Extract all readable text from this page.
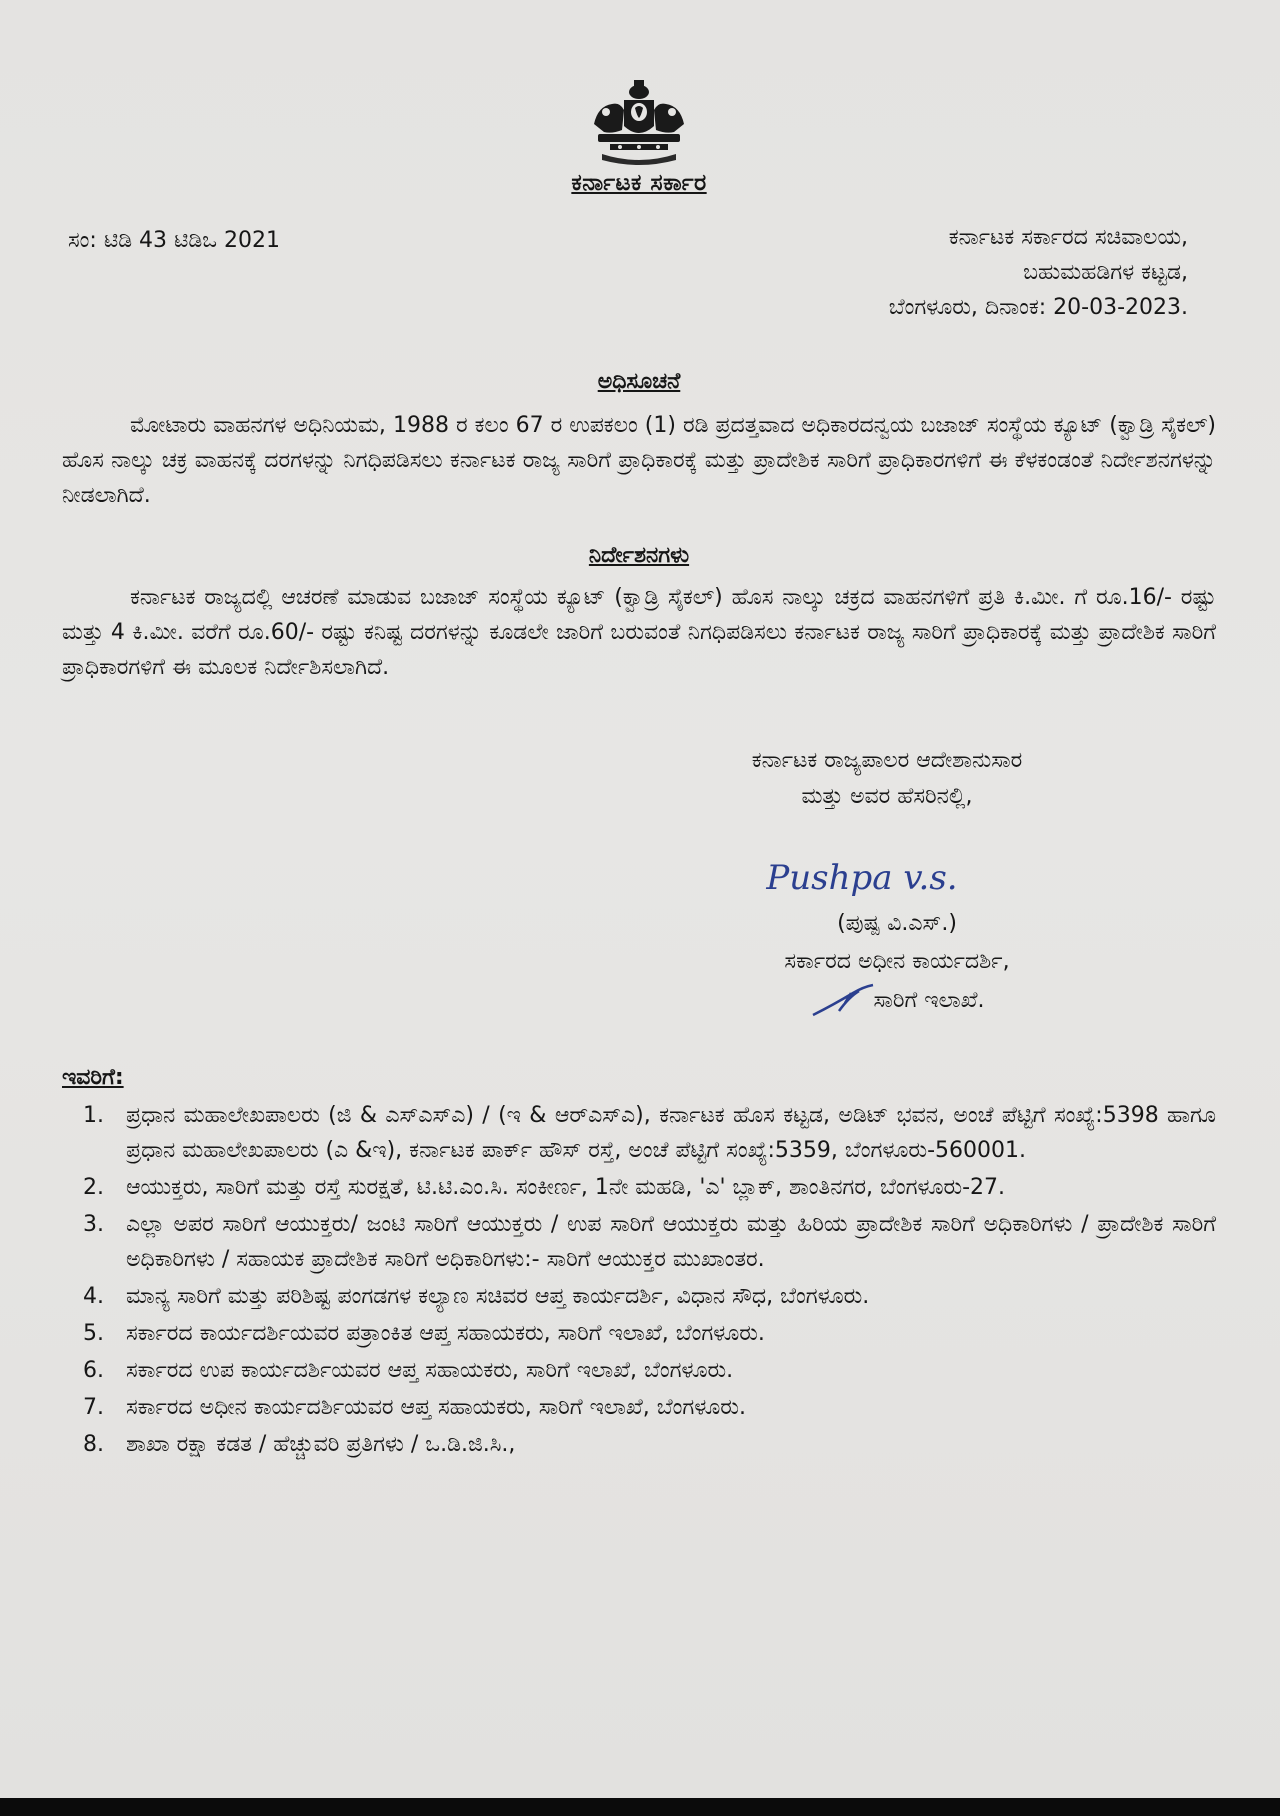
ಕರ್ನಾಟಕ ಸರ್ಕಾರ
ಸಂ: ಟಿಡಿ 43 ಟಿಡಿಒ 2021	ಕರ್ನಾಟಕ ಸರ್ಕಾರದ ಸಚಿವಾಲಯ,
ಬಹುಮಹಡಿಗಳ ಕಟ್ಟಡ,
ಬೆಂಗಳೂರು, ದಿನಾಂಕ: 20-03-2023.
ಅಧಿಸೂಚನೆ

ಮೋಟಾರು ವಾಹನಗಳ ಅಧಿನಿಯಮ, 1988 ರ ಕಲಂ 67 ರ ಉಪಕಲಂ (1) ರಡಿ ಪ್ರದತ್ತವಾದ ಅಧಿಕಾರದನ್ವಯ ಬಜಾಜ್ ಸಂಸ್ಥೆಯ ಕ್ಯೂಟ್ (ಕ್ವಾಡ್ರಿ ಸೈಕಲ್) ಹೊಸ ನಾಲ್ಕು ಚಕ್ರ ವಾಹನಕ್ಕೆ ದರಗಳನ್ನು ನಿಗಧಿಪಡಿಸಲು ಕರ್ನಾಟಕ ರಾಜ್ಯ ಸಾರಿಗೆ ಪ್ರಾಧಿಕಾರಕ್ಕೆ ಮತ್ತು ಪ್ರಾದೇಶಿಕ ಸಾರಿಗೆ ಪ್ರಾಧಿಕಾರಗಳಿಗೆ ಈ ಕೆಳಕಂಡಂತೆ ನಿರ್ದೇಶನಗಳನ್ನು ನೀಡಲಾಗಿದೆ.

ನಿರ್ದೇಶನಗಳು

ಕರ್ನಾಟಕ ರಾಜ್ಯದಲ್ಲಿ ಆಚರಣೆ ಮಾಡುವ ಬಜಾಜ್ ಸಂಸ್ಥೆಯ ಕ್ಯೂಟ್ (ಕ್ವಾಡ್ರಿ ಸೈಕಲ್) ಹೊಸ ನಾಲ್ಕು ಚಕ್ರದ ವಾಹನಗಳಿಗೆ ಪ್ರತಿ ಕಿ.ಮೀ. ಗೆ ರೂ.16/- ರಷ್ಟು ಮತ್ತು 4 ಕಿ.ಮೀ. ವರೆಗೆ ರೂ.60/- ರಷ್ಟು ಕನಿಷ್ಟ ದರಗಳನ್ನು ಕೂಡಲೇ ಜಾರಿಗೆ ಬರುವಂತೆ ನಿಗಧಿಪಡಿಸಲು ಕರ್ನಾಟಕ ರಾಜ್ಯ ಸಾರಿಗೆ ಪ್ರಾಧಿಕಾರಕ್ಕೆ ಮತ್ತು ಪ್ರಾದೇಶಿಕ ಸಾರಿಗೆ ಪ್ರಾಧಿಕಾರಗಳಿಗೆ ಈ ಮೂಲಕ ನಿರ್ದೇಶಿಸಲಾಗಿದೆ.

ಕರ್ನಾಟಕ ರಾಜ್ಯಪಾಲರ ಆದೇಶಾನುಸಾರ
ಮತ್ತು ಅವರ ಹೆಸರಿನಲ್ಲಿ,
Pushpa v.s.
(ಪುಷ್ಪ ವಿ.ಎಸ್.)
ಸರ್ಕಾರದ ಅಧೀನ ಕಾರ್ಯದರ್ಶಿ,
ಸಾರಿಗೆ ಇಲಾಖೆ.
ಇವರಿಗೆ:
1.	ಪ್ರಧಾನ ಮಹಾಲೇಖಪಾಲರು (ಜಿ & ಎಸ್‌ಎಸ್‌ಎ) / (ಇ & ಆರ್‌ಎಸ್‌ಎ), ಕರ್ನಾಟಕ ಹೊಸ ಕಟ್ಟಡ, ಅಡಿಟ್ ಭವನ, ಅಂಚೆ ಪೆಟ್ಟಿಗೆ ಸಂಖ್ಯೆ:5398 ಹಾಗೂ ಪ್ರಧಾನ ಮಹಾಲೇಖಪಾಲರು (ಎ &ಇ), ಕರ್ನಾಟಕ ಪಾರ್ಕ್ ಹೌಸ್ ರಸ್ತೆ, ಅಂಚೆ ಪೆಟ್ಟಿಗೆ ಸಂಖ್ಯೆ:5359, ಬೆಂಗಳೂರು-560001.
2.	ಆಯುಕ್ತರು, ಸಾರಿಗೆ ಮತ್ತು ರಸ್ತೆ ಸುರಕ್ಷತೆ, ಟಿ.ಟಿ.ಎಂ.ಸಿ. ಸಂಕೀರ್ಣ, 1ನೇ ಮಹಡಿ, 'ಎ' ಬ್ಲಾಕ್, ಶಾಂತಿನಗರ, ಬೆಂಗಳೂರು-27.
3.	ಎಲ್ಲಾ ಅಪರ ಸಾರಿಗೆ ಆಯುಕ್ತರು/ ಜಂಟಿ ಸಾರಿಗೆ ಆಯುಕ್ತರು / ಉಪ ಸಾರಿಗೆ ಆಯುಕ್ತರು ಮತ್ತು ಹಿರಿಯ ಪ್ರಾದೇಶಿಕ ಸಾರಿಗೆ ಅಧಿಕಾರಿಗಳು / ಪ್ರಾದೇಶಿಕ ಸಾರಿಗೆ ಅಧಿಕಾರಿಗಳು / ಸಹಾಯಕ ಪ್ರಾದೇಶಿಕ ಸಾರಿಗೆ ಅಧಿಕಾರಿಗಳು:- ಸಾರಿಗೆ ಆಯುಕ್ತರ ಮುಖಾಂತರ.
4.	ಮಾನ್ಯ ಸಾರಿಗೆ ಮತ್ತು ಪರಿಶಿಷ್ಟ ಪಂಗಡಗಳ ಕಲ್ಯಾಣ ಸಚಿವರ ಆಪ್ತ ಕಾರ್ಯದರ್ಶಿ, ವಿಧಾನ ಸೌಧ, ಬೆಂಗಳೂರು.
5.	ಸರ್ಕಾರದ ಕಾರ್ಯದರ್ಶಿಯವರ ಪತ್ರಾಂಕಿತ ಆಪ್ತ ಸಹಾಯಕರು, ಸಾರಿಗೆ ಇಲಾಖೆ, ಬೆಂಗಳೂರು.
6.	ಸರ್ಕಾರದ ಉಪ ಕಾರ್ಯದರ್ಶಿಯವರ ಆಪ್ತ ಸಹಾಯಕರು, ಸಾರಿಗೆ ಇಲಾಖೆ, ಬೆಂಗಳೂರು.
7.	ಸರ್ಕಾರದ ಅಧೀನ ಕಾರ್ಯದರ್ಶಿಯವರ ಆಪ್ತ ಸಹಾಯಕರು, ಸಾರಿಗೆ ಇಲಾಖೆ, ಬೆಂಗಳೂರು.
8.	ಶಾಖಾ ರಕ್ಷಾ ಕಡತ / ಹೆಚ್ಚುವರಿ ಪ್ರತಿಗಳು / ಒ.ಡಿ.ಜಿ.ಸಿ.,
